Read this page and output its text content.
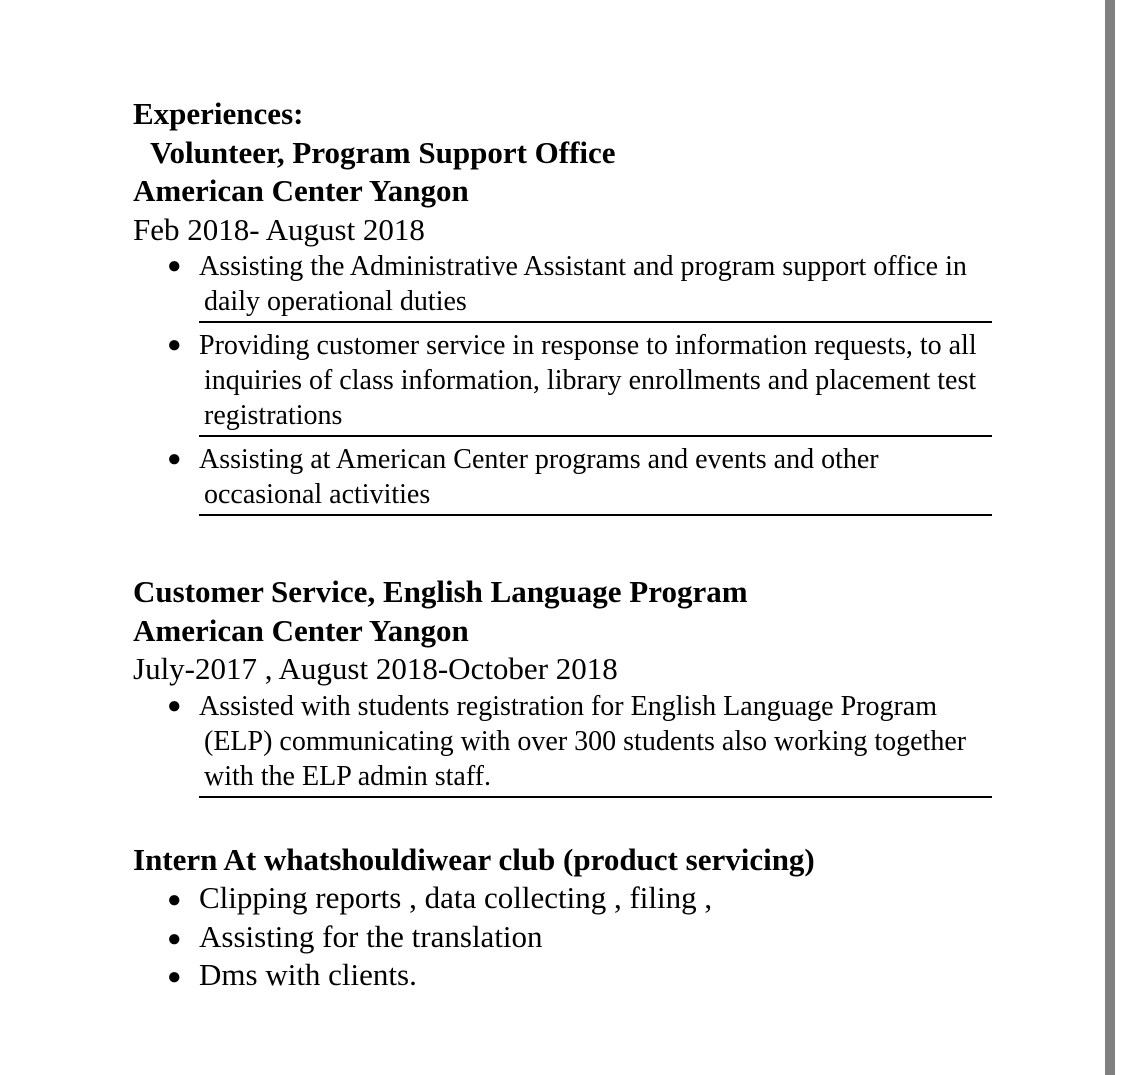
Experiences:
Volunteer, Program Support Office
American Center Yangon
Feb 2018- August 2018
● Assisting the Administrative Assistant and program support office in daily operational duties
● Providing customer service in response to information requests, to all inquiries of class information, library enrollments and placement test registrations
● Assisting at American Center programs and events and other occasional activities
Customer Service, English Language Program
American Center Yangon
July-2017 , August 2018-October 2018
● Assisted with students registration for English Language Program (ELP) communicating with over 300 students also working together with the ELP admin staff.
Intern At whatshouldiwear club (product servicing)
● Clipping reports , data collecting , filing ,
● Assisting for the translation
● Dms with clients.
